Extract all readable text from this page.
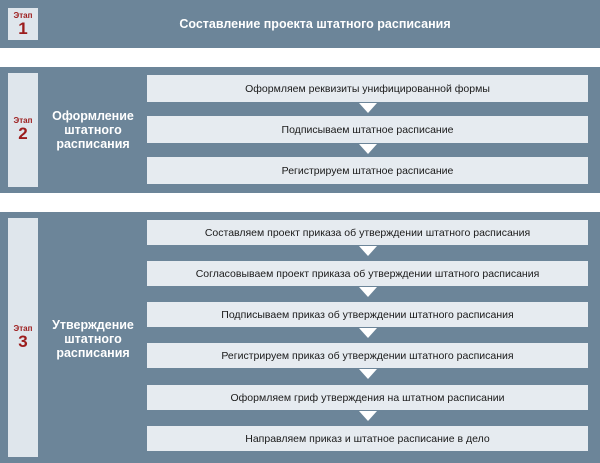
Этап
1	Составление проекта штатного расписания
Этап
2
Оформление штатного расписания
Оформляем реквизиты унифицированной формы
Подписываем штатное расписание
Регистрируем штатное расписание
Этап
3
Утверждение штатного расписания
Составляем проект приказа об утверждении штатного расписания
Согласовываем проект приказа об утверждении штатного расписания
Подписываем приказ об утверждении штатного расписания
Регистрируем приказ об утверждении штатного расписания
Оформляем гриф утверждения на штатном расписании
Направляем приказ и штатное расписание в дело
